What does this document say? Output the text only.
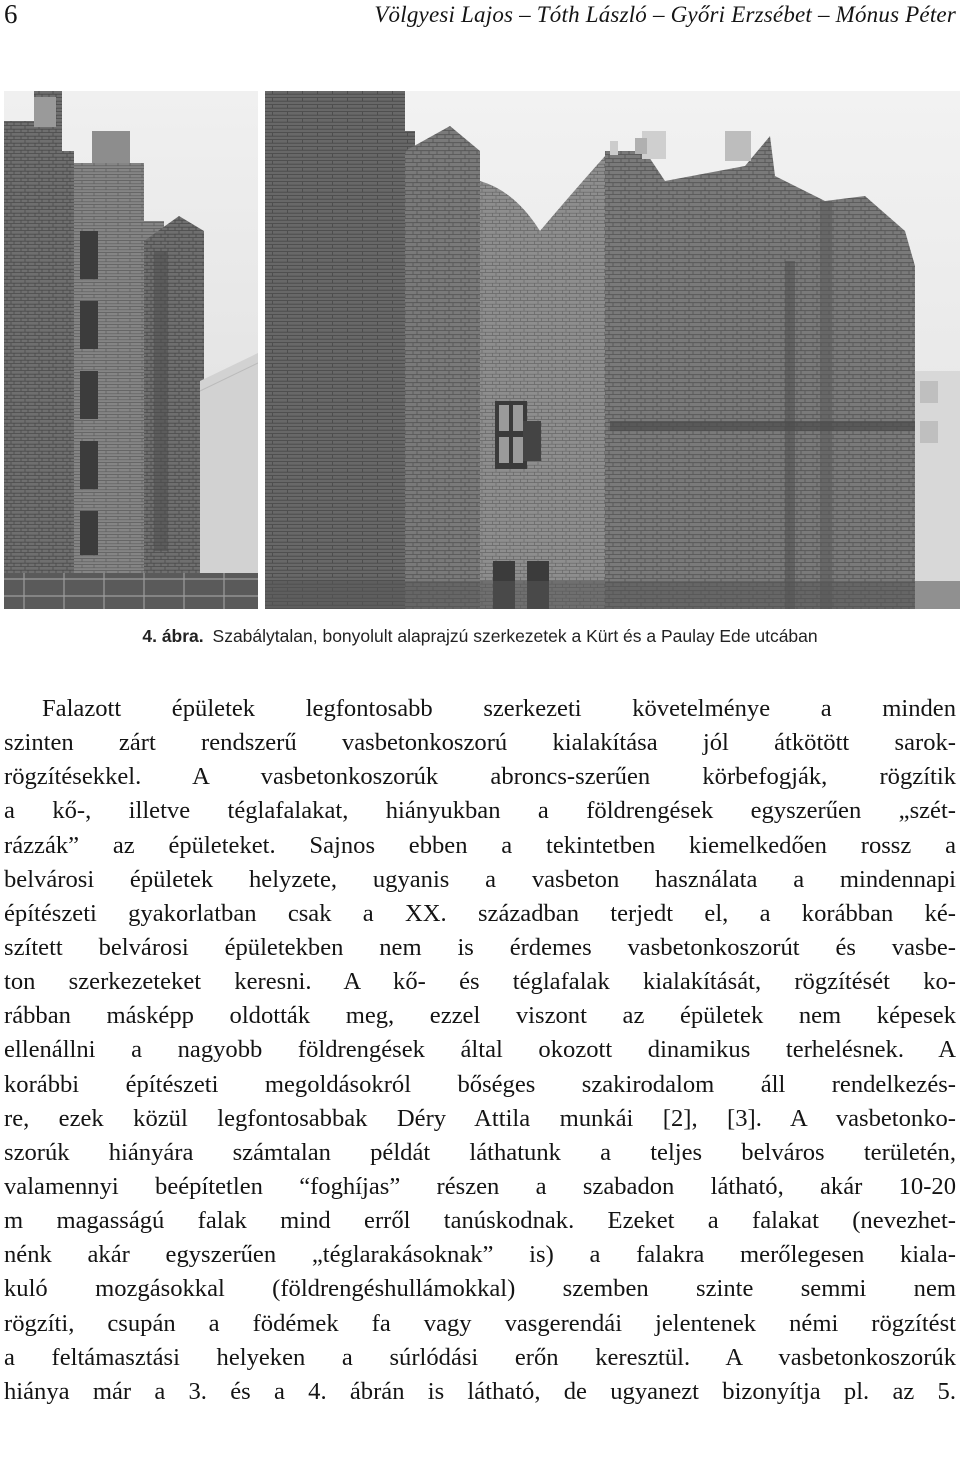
6	Völgyesi Lajos – Tóth László – Győri Erzsébet – Mónus Péter
4. ábra. Szabálytalan, bonyolult alaprajzú szerkezetek a Kürt és a Paulay Ede utcában
Falazott épületek legfontosabb szerkezeti követelménye a minden
szinten zárt rendszerű vasbetonkoszorú kialakítása jól átkötött sarok-
rögzítésekkel. A vasbetonkoszorúk abroncs-szerűen körbefogják, rögzítik
a kő-, illetve téglafalakat, hiányukban a földrengések egyszerűen „szét-
rázzák” az épületeket. Sajnos ebben a tekintetben kiemelkedően rossz a
belvárosi épületek helyzete, ugyanis a vasbeton használata a mindennapi
építészeti gyakorlatban csak a XX. században terjedt el, a korábban ké-
szített belvárosi épületekben nem is érdemes vasbetonkoszorút és vasbe-
ton szerkezeteket keresni. A kő- és téglafalak kialakítását, rögzítését ko-
rábban másképp oldották meg, ezzel viszont az épületek nem képesek
ellenállni a nagyobb földrengések által okozott dinamikus terhelésnek. A
korábbi építészeti megoldásokról bőséges szakirodalom áll rendelkezés-
re, ezek közül legfontosabbak Déry Attila munkái [2], [3]. A vasbetonko-
szorúk hiányára számtalan példát láthatunk a teljes belváros területén,
valamennyi beépítetlen “foghíjas” részen a szabadon látható, akár 10-20
m magasságú falak mind erről tanúskodnak. Ezeket a falakat (nevezhet-
nénk akár egyszerűen „téglarakásoknak” is) a falakra merőlegesen kiala-
kuló mozgásokkal (földrengéshullámokkal) szemben szinte semmi nem
rögzíti, csupán a födémek fa vagy vasgerendái jelentenek némi rögzítést
a feltámasztási helyeken a súrlódási erőn keresztül. A vasbetonkoszorúk
hiánya már a 3. és a 4. ábrán is látható, de ugyanezt bizonyítja pl. az 5.
